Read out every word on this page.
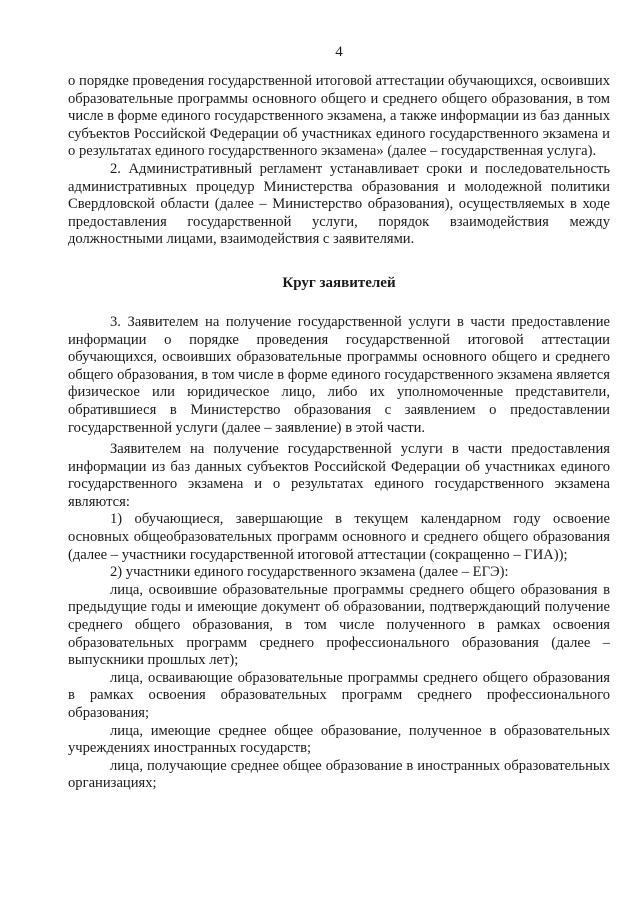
4

о порядке проведения государственной итоговой аттестации обучающихся, освоивших образовательные программы основного общего и среднего общего образования, в том числе в форме единого государственного экзамена, а также информации из баз данных субъектов Российской Федерации об участниках единого государственного экзамена и о результатах единого государственного экзамена» (далее – государственная услуга).

2. Административный регламент устанавливает сроки и последовательность административных процедур Министерства образования и молодежной политики Свердловской области (далее – Министерство образования), осуществляемых в ходе предоставления государственной услуги, порядок взаимодействия между должностными лицами, взаимодействия с заявителями.

Круг заявителей

3. Заявителем на получение государственной услуги в части предоставление информации о порядке проведения государственной итоговой аттестации обучающихся, освоивших образовательные программы основного общего и среднего общего образования, в том числе в форме единого государственного экзамена является физическое или юридическое лицо, либо их уполномоченные представители, обратившиеся в Министерство образования с заявлением о предоставлении государственной услуги (далее – заявление) в этой части.

Заявителем на получение государственной услуги в части предоставления информации из баз данных субъектов Российской Федерации об участниках единого государственного экзамена и о результатах единого государственного экзамена являются:

1) обучающиеся, завершающие в текущем календарном году освоение основных общеобразовательных программ основного и среднего общего образования (далее – участники государственной итоговой аттестации (сокращенно – ГИА));

2) участники единого государственного экзамена (далее – ЕГЭ):

лица, освоившие образовательные программы среднего общего образования в предыдущие годы и имеющие документ об образовании, подтверждающий получение среднего общего образования, в том числе полученного в рамках освоения образовательных программ среднего профессионального образования (далее – выпускники прошлых лет);

лица, осваивающие образовательные программы среднего общего образования в рамках освоения образовательных программ среднего профессионального образования;

лица, имеющие среднее общее образование, полученное в образовательных учреждениях иностранных государств;

лица, получающие среднее общее образование в иностранных образовательных организациях;
